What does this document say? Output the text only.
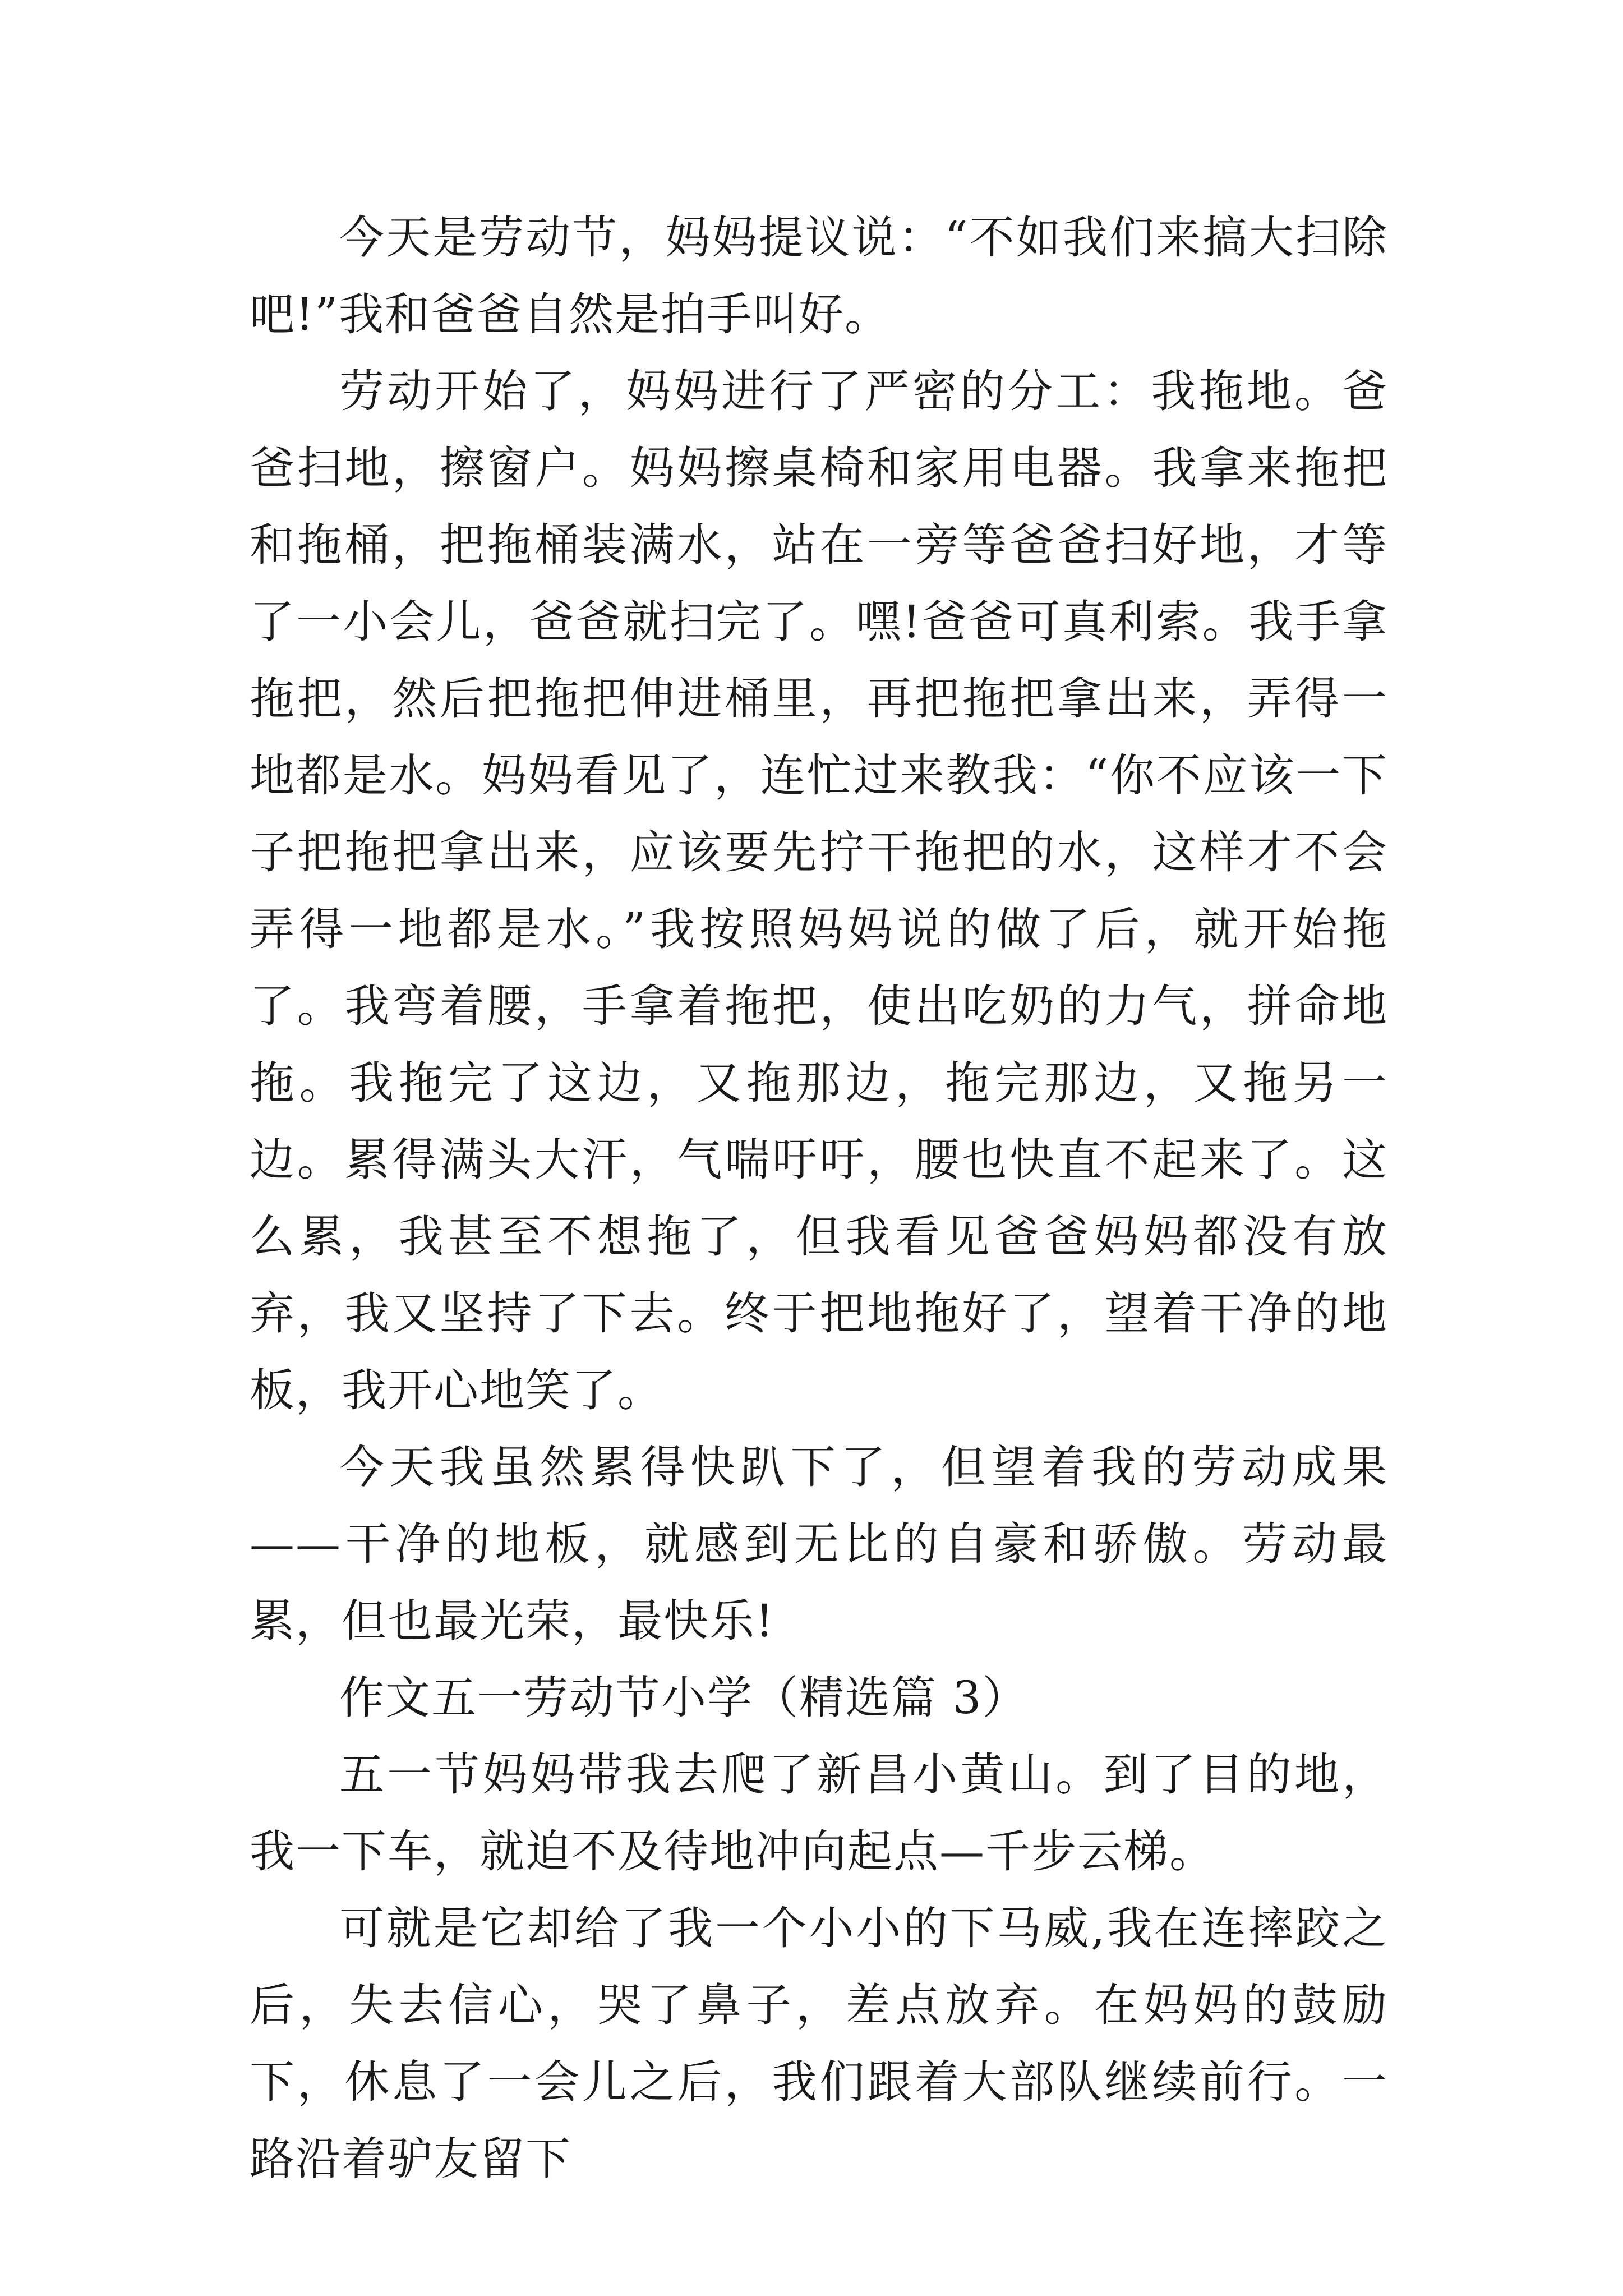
今天是劳动节，妈妈提议说：“不如我们来搞大扫除吧!”我和爸爸自然是拍手叫好。

劳动开始了，妈妈进行了严密的分工：我拖地。爸爸扫地，擦窗户。妈妈擦桌椅和家用电器。我拿来拖把和拖桶，把拖桶装满水，站在一旁等爸爸扫好地，才等了一小会儿，爸爸就扫完了。嘿!爸爸可真利索。我手拿拖把，然后把拖把伸进桶里，再把拖把拿出来，弄得一地都是水。妈妈看见了，连忙过来教我：“你不应该一下子把拖把拿出来，应该要先拧干拖把的水，这样才不会弄得一地都是水。”我按照妈妈说的做了后，就开始拖了。我弯着腰，手拿着拖把，使出吃奶的力气，拼命地拖。我拖完了这边，又拖那边，拖完那边，又拖另一边。累得满头大汗，气喘吁吁，腰也快直不起来了。这么累，我甚至不想拖了，但我看见爸爸妈妈都没有放弃，我又坚持了下去。终于把地拖好了，望着干净的地板，我开心地笑了。

今天我虽然累得快趴下了，但望着我的劳动成果——干净的地板，就感到无比的自豪和骄傲。劳动最累，但也最光荣，最快乐!

作文五一劳动节小学（精选篇 3）

五一节妈妈带我去爬了新昌小黄山。到了目的地，我一下车，就迫不及待地冲向起点—千步云梯。

可就是它却给了我一个小小的下马威,我在连摔跤之后，失去信心，哭了鼻子，差点放弃。在妈妈的鼓励下，休息了一会儿之后，我们跟着大部队继续前行。一路沿着驴友留下
